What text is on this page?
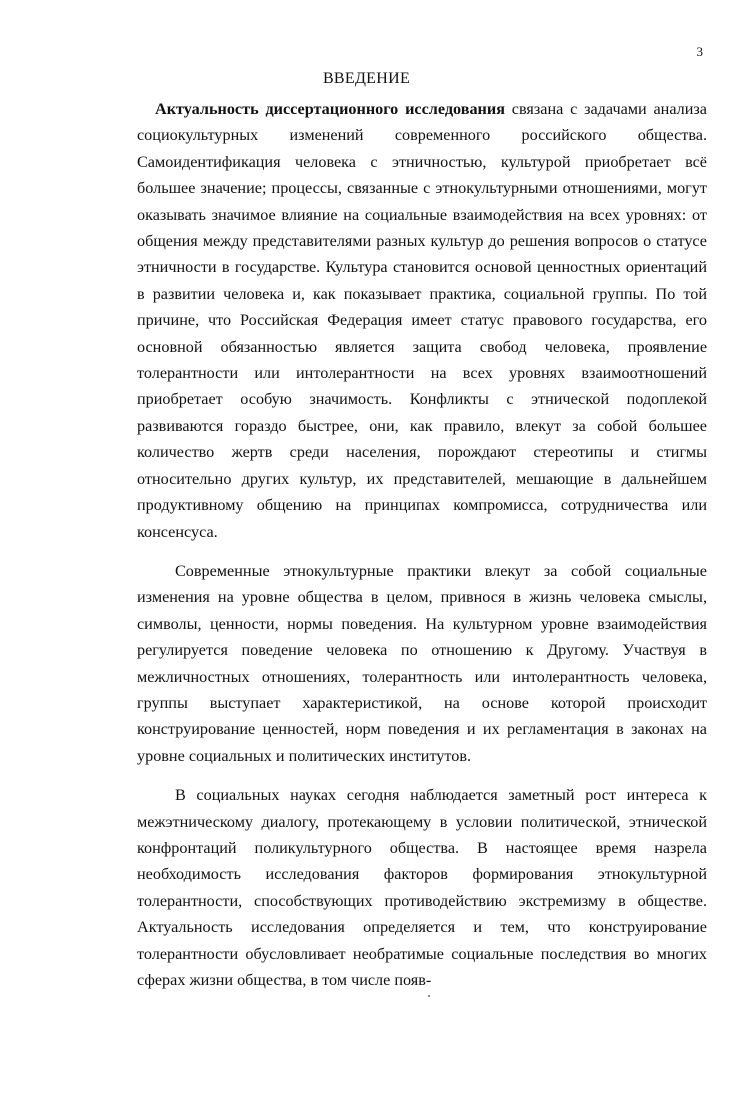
3
ВВЕДЕНИЕ

Актуальность диссертационного исследования связана с задачами анализа социокультурных изменений современного российского общества. Самоидентификация человека с этничностью, культурой приобретает всё большее значение; процессы, связанные с этнокультурными отношениями, могут оказывать значимое влияние на социальные взаимодействия на всех уровнях: от общения между представителями разных культур до решения вопросов о статусе этничности в государстве. Культура становится основой ценностных ориентаций в развитии человека и, как показывает практика, социальной группы. По той причине, что Российская Федерация имеет статус правового государства, его основной обязанностью является защита свобод человека, проявление толерантности или интолерантности на всех уровнях взаимоотношений приобретает особую значимость. Конфликты с этнической подоплекой развиваются гораздо быстрее, они, как правило, влекут за собой большее количество жертв среди населения, порождают стереотипы и стигмы относительно других культур, их представителей, мешающие в дальнейшем продуктивному общению на принципах компромисса, сотрудничества или консенсуса.

Современные этнокультурные практики влекут за собой социальные изменения на уровне общества в целом, привнося в жизнь человека смыслы, символы, ценности, нормы поведения. На культурном уровне взаимодействия регулируется поведение человека по отношению к Другому. Участвуя в межличностных отношениях, толерантность или интолерантность человека, группы выступает характеристикой, на основе которой происходит конструирование ценностей, норм поведения и их регламентация в законах на уровне социальных и политических институтов.

В социальных науках сегодня наблюдается заметный рост интереса к межэтническому диалогу, протекающему в условии политической, этнической конфронтаций поликультурного общества. В настоящее время назрела необходимость исследования факторов формирования этнокультурной толерантности, способствующих противодействию экстремизму в обществе. Актуальность исследования определяется и тем, что конструирование толерантности обусловливает необратимые социальные последствия во многих сферах жизни общества, в том числе появ-
